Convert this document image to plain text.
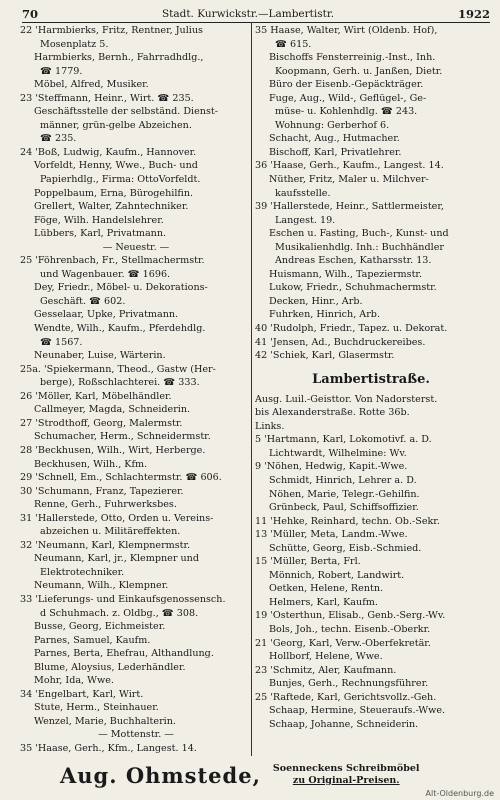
70	Stadt. Kurwickstr.—Lambertistr.	1922
22 'Harmbierks, Fritz, Rentner, Julius
Mosenplatz 5.
Harmbierks, Bernh., Fahrradhdlg.,
☎ 1779.
Möbel, Alfred, Musiker.
23 'Steffmann, Heinr., Wirt. ☎ 235.
Geschäftsstelle der selbständ. Dienst-
männer, grün-gelbe Abzeichen.
☎ 235.
24 'Boß, Ludwig, Kaufm., Hannover.
Vorfeldt, Henny, Wwe., Buch- und
Papierhdlg., Firma: OttoVorfeldt.
Poppelbaum, Erna, Bürogehilfin.
Grellert, Walter, Zahntechniker.
Föge, Wilh. Handelslehrer.
Lübbers, Karl, Privatmann.
— Neuestr. —
25 'Föhrenbach, Fr., Stellmachermstr.
und Wagenbauer. ☎ 1696.
Dey, Friedr., Möbel- u. Dekorations-
Geschäft. ☎ 602.
Gesselaar, Upke, Privatmann.
Wendte, Wilh., Kaufm., Pferdehdlg.
☎ 1567.
Neunaber, Luise, Wärterin.
25a. 'Spiekermann, Theod., Gastw (Her-
berge), Roßschlachterei. ☎ 333.
26 'Möller, Karl, Möbelhändler.
Callmeyer, Magda, Schneiderin.
27 'Strodthoff, Georg, Malermstr.
Schumacher, Herm., Schneidermstr.
28 'Beckhusen, Wilh., Wirt, Herberge.
Beckhusen, Wilh., Kfm.
29 'Schnell, Em., Schlachtermstr. ☎ 606.
30 'Schumann, Franz, Tapezierer.
Renne, Gerh., Fuhrwerksbes.
31 'Hallerstede, Otto, Orden u. Vereins-
abzeichen u. Militäreffekten.
32 'Neumann, Karl, Klempnermstr.
Neumann, Karl, jr., Klempner und
Elektrotechniker.
Neumann, Wilh., Klempner.
33 'Lieferungs- und Einkaufsgenossensch.
d Schuhmach. z. Oldbg., ☎ 308.
Busse, Georg, Eichmeister.
Parnes, Samuel, Kaufm.
Parnes, Berta, Ehefrau, Althandlung.
Blume, Aloysius, Lederhändler.
Mohr, Ida, Wwe.
34 'Engelbart, Karl, Wirt.
Stute, Herm., Steinhauer.
Wenzel, Marie, Buchhalterin.
— Mottenstr. —
35 'Haase, Gerh., Kfm., Langest. 14.
35 Haase, Walter, Wirt (Oldenb. Hof),
☎ 615.
Bischoffs Fensterreinig.-Inst., Inh.
Koopmann, Gerh. u. Janßen, Dietr.
Büro der Eisenb.-Gepäckträger.
Fuge, Aug., Wild-, Geflügel-, Ge-
müse- u. Kohlenhdlg. ☎ 243.
Wohnung: Gerberhof 6.
Schacht, Aug., Hutmacher.
Bischoff, Karl, Privatlehrer.
36 'Haase, Gerh., Kaufm., Langest. 14.
Nüther, Fritz, Maler u. Milchver-
kaufsstelle.
39 'Hallerstede, Heinr., Sattlermeister,
Langest. 19.
Eschen u. Fasting, Buch-, Kunst- und
Musikalienhdlg. Inh.: Buchhändler
Andreas Eschen, Katharsstr. 13.
Huismann, Wilh., Tapeziermstr.
Lukow, Friedr., Schuhmachermstr.
Decken, Hinr., Arb.
Fuhrken, Hinrich, Arb.
40 'Rudolph, Friedr., Tapez. u. Dekorat.
41 'Jensen, Ad., Buchdruckereibes.
42 'Schiek, Karl, Glasermstr.
Lambertistraße.
Ausg. Luil.-Geisttor. Von Nadorsterst.
bis Alexanderstraße. Rotte 36b.
Links.
5 'Hartmann, Karl, Lokomotivf. a. D.
Lichtwardt, Wilhelmine: Wv.
9 'Nöhen, Hedwig, Kapit.-Wwe.
Schmidt, Hinrich, Lehrer a. D.
Nöhen, Marie, Telegr.-Gehilfin.
Grünbeck, Paul, Schiffsoffizier.
11 'Hehke, Reinhard, techn. Ob.-Sekr.
13 'Müller, Meta, Landm.-Wwe.
Schütte, Georg, Eisb.-Schmied.
15 'Müller, Berta, Frl.
Mönnich, Robert, Landwirt.
Oetken, Helene, Rentn.
Helmers, Karl, Kaufm.
19 'Osterthun, Elisab., Genb.-Serg.-Wv.
Bols, Joh., techn. Eisenb.-Oberkr.
21 'Georg, Karl, Verw.-Oberfekretär.
Hollborf, Helene, Wwe.
23 'Schmitz, Aler, Kaufmann.
Bunjes, Gerh., Rechnungsführer.
25 'Raftede, Karl, Gerichtsvollz.-Geh.
Schaap, Hermine, Steueraufs.-Wwe.
Schaap, Johanne, Schneiderin.
Aug. Ohmstede, Soenneckens Schreibmöbel
zu Original-Preisen.
Alt-Oldenburg.de
